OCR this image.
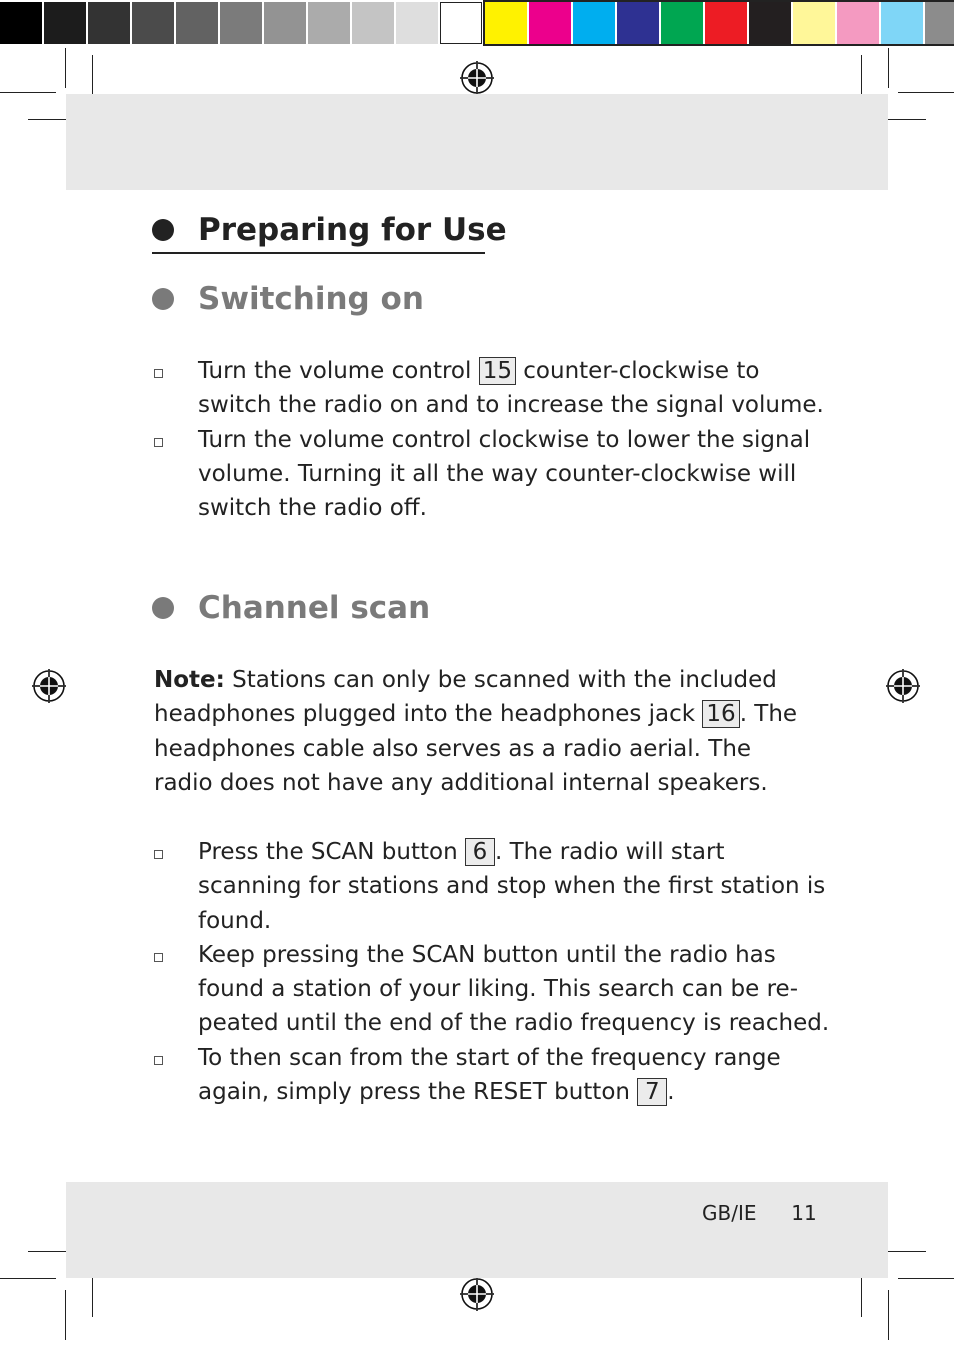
Preparing for Use
Switching on
Turn the volume control 15 counter-clockwise to switch the radio on and to increase the signal volume.
Turn the volume control clockwise to lower the signal volume. Turning it all the way counter-clockwise will switch the radio off.
Channel scan
Note: Stations can only be scanned with the included headphones plugged into the headphones jack 16 . The headphones cable also serves as a radio aerial. The radio does not have any additional internal speakers.
Press the SCAN button 6 . The radio will start scanning for stations and stop when the first station is found.
Keep pressing the SCAN button until the radio has found a station of your liking. This search can be re-peated until the end of the radio frequency is reached.
To then scan from the start of the frequency range again, simply press the RESET button 7 .
GB/IE 11
